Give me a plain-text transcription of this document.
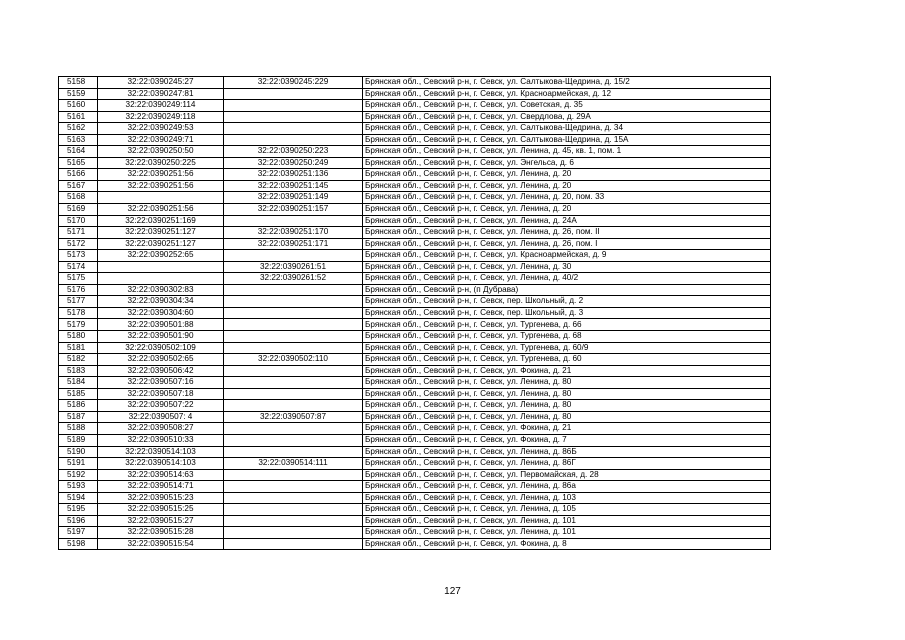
5158	32:22:0390245:27	32:22:0390245:229	Брянская обл., Севский р-н, г. Севск, ул. Салтыкова-Щедрина, д. 15/2
5159	32:22:0390247:81		Брянская обл., Севский р-н, г. Севск, ул. Красноармейская, д. 12
5160	32:22:0390249:114		Брянская обл., Севский р-н, г. Севск, ул. Советская, д. 35
5161	32:22:0390249:118		Брянская обл., Севский р-н, г. Севск, ул. Свердлова, д. 29А
5162	32:22:0390249:53		Брянская обл., Севский р-н, г. Севск, ул. Салтыкова-Щедрина, д. 34
5163	32:22:0390249:71		Брянская обл., Севский р-н, г. Севск, ул. Салтыкова-Щедрина, д. 15А
5164	32:22:0390250:50	32:22:0390250:223	Брянская обл., Севский р-н, г. Севск, ул. Ленина, д. 45, кв. 1, пом. 1
5165	32:22:0390250:225	32:22:0390250:249	Брянская обл., Севский р-н, г. Севск, ул. Энгельса, д. 6
5166	32:22:0390251:56	32:22:0390251:136	Брянская обл., Севский р-н, г. Севск, ул. Ленина, д. 20
5167	32:22:0390251:56	32:22:0390251:145	Брянская обл., Севский р-н, г. Севск, ул. Ленина, д. 20
5168		32:22:0390251:149	Брянская обл., Севский р-н, г. Севск, ул. Ленина, д. 20, пом. 33
5169	32:22:0390251:56	32:22:0390251:157	Брянская обл., Севский р-н, г. Севск, ул. Ленина, д. 20
5170	32:22:0390251:169		Брянская обл., Севский р-н, г. Севск, ул. Ленина, д. 24А
5171	32:22:0390251:127	32:22:0390251:170	Брянская обл., Севский р-н, г. Севск, ул. Ленина, д. 26, пом. II
5172	32:22:0390251:127	32:22:0390251:171	Брянская обл., Севский р-н, г. Севск, ул. Ленина, д. 26, пом. I
5173	32:22:0390252:65		Брянская обл., Севский р-н, г. Севск, ул. Красноармейская, д. 9
5174		32:22:0390261:51	Брянская обл., Севский р-н, г. Севск, ул. Ленина, д. 30
5175		32:22:0390261:52	Брянская обл., Севский р-н, г. Севск, ул. Ленина, д. 40/2
5176	32:22:0390302:83		Брянская обл., Севский р-н, (п Дубрава)
5177	32:22:0390304:34		Брянская обл., Севский р-н, г. Севск, пер. Школьный, д. 2
5178	32:22:0390304:60		Брянская обл., Севский р-н, г. Севск, пер. Школьный, д. 3
5179	32:22:0390501:88		Брянская обл., Севский р-н, г. Севск, ул. Тургенева, д. 66
5180	32:22:0390501:90		Брянская обл., Севский р-н, г. Севск, ул. Тургенева, д. 68
5181	32:22:0390502:109		Брянская обл., Севский р-н, г. Севск, ул. Тургенева, д. 60/9
5182	32:22:0390502:65	32:22:0390502:110	Брянская обл., Севский р-н, г. Севск, ул. Тургенева, д. 60
5183	32:22:0390506:42		Брянская обл., Севский р-н, г. Севск, ул. Фокина, д. 21
5184	32:22:0390507:16		Брянская обл., Севский р-н, г. Севск, ул. Ленина, д. 80
5185	32:22:0390507:18		Брянская обл., Севский р-н, г. Севск, ул. Ленина, д. 80
5186	32:22:0390507:22		Брянская обл., Севский р-н, г. Севск, ул. Ленина, д. 80
5187	32:22:0390507: 4	32:22:0390507:87	Брянская обл., Севский р-н, г. Севск, ул. Ленина, д. 80
5188	32:22:0390508:27		Брянская обл., Севский р-н, г. Севск, ул. Фокина, д. 21
5189	32:22:0390510:33		Брянская обл., Севский р-н, г. Севск, ул. Фокина, д. 7
5190	32:22:0390514:103		Брянская обл., Севский р-н, г. Севск, ул. Ленина, д. 86Б
5191	32:22:0390514:103	32:22:0390514:111	Брянская обл., Севский р-н, г. Севск, ул. Ленина, д. 86Г
5192	32:22:0390514:63		Брянская обл., Севский р-н, г. Севск, ул. Первомайская, д. 28
5193	32:22:0390514:71		Брянская обл., Севский р-н, г. Севск, ул. Ленина, д. 86а
5194	32:22:0390515:23		Брянская обл., Севский р-н, г. Севск, ул. Ленина, д. 103
5195	32:22:0390515:25		Брянская обл., Севский р-н, г. Севск, ул. Ленина, д. 105
5196	32:22:0390515:27		Брянская обл., Севский р-н, г. Севск, ул. Ленина, д. 101
5197	32:22:0390515:28		Брянская обл., Севский р-н, г. Севск, ул. Ленина, д. 101
5198	32:22:0390515:54		Брянская обл., Севский р-н, г. Севск, ул. Фокина, д. 8
127
